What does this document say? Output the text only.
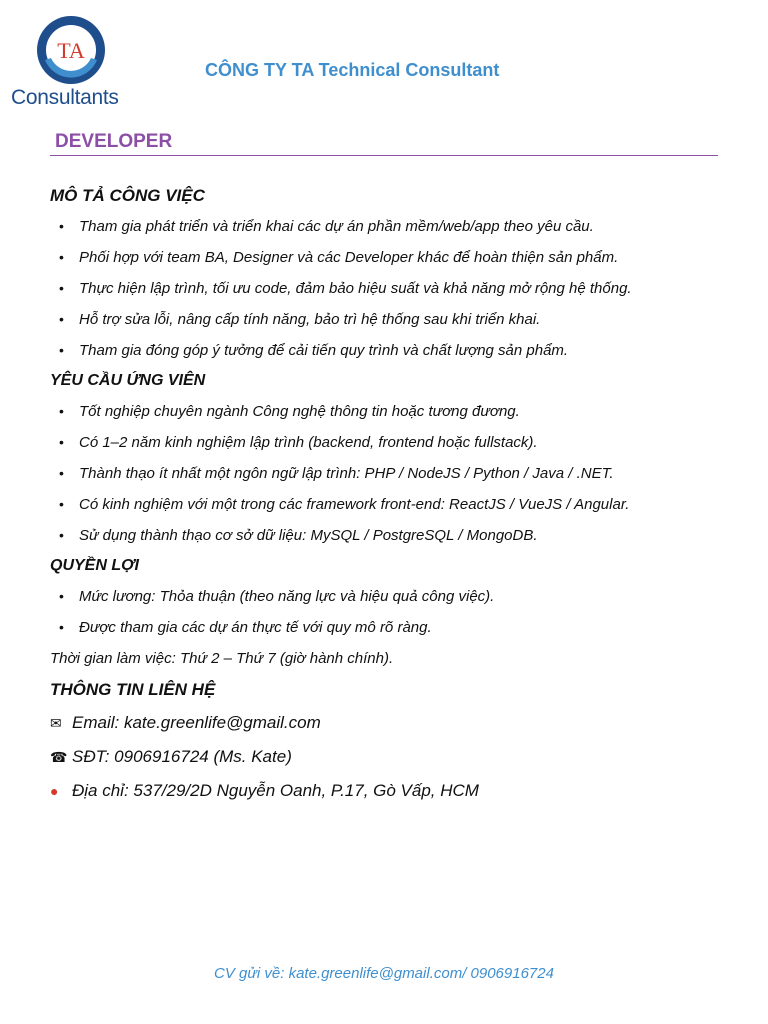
TA
Consultants
CÔNG TY TA Technical Consultant
DEVELOPER
MÔ TẢ CÔNG VIỆC
• Tham gia phát triển và triển khai các dự án phần mềm/web/app theo yêu cầu.
• Phối hợp với team BA, Designer và các Developer khác để hoàn thiện sản phẩm.
• Thực hiện lập trình, tối ưu code, đảm bảo hiệu suất và khả năng mở rộng hệ thống.
• Hỗ trợ sửa lỗi, nâng cấp tính năng, bảo trì hệ thống sau khi triển khai.
• Tham gia đóng góp ý tưởng để cải tiến quy trình và chất lượng sản phẩm.
YÊU CẦU ỨNG VIÊN
• Tốt nghiệp chuyên ngành Công nghệ thông tin hoặc tương đương.
• Có 1–2 năm kinh nghiệm lập trình (backend, frontend hoặc fullstack).
• Thành thạo ít nhất một ngôn ngữ lập trình: PHP / NodeJS / Python / Java / .NET.
• Có kinh nghiệm với một trong các framework front-end: ReactJS / VueJS / Angular.
• Sử dụng thành thạo cơ sở dữ liệu: MySQL / PostgreSQL / MongoDB.
QUYỀN LỢI
• Mức lương: Thỏa thuận (theo năng lực và hiệu quả công việc).
• Được tham gia các dự án thực tế với quy mô rõ ràng.

Thời gian làm việc: Thứ 2 – Thứ 7 (giờ hành chính).

THÔNG TIN LIÊN HỆ
✉ Email: kate.greenlife@gmail.com
☎ SĐT: 0906916724 (Ms. Kate)
● Địa chỉ: 537/29/2D Nguyễn Oanh, P.17, Gò Vấp, HCM
CV gửi về: kate.greenlife@gmail.com/ 0906916724
